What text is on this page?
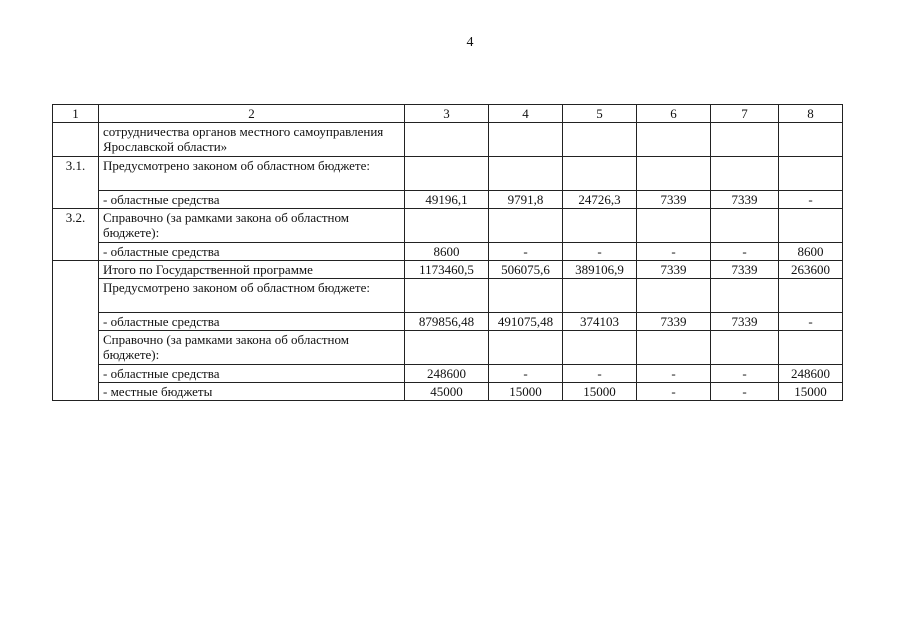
4
1	2	3	4	5	6	7	8
	сотрудничества органов местного самоуправления Ярославской области»						
3.1.	Предусмотрено законом об областном бюджете:						
	- областные средства	49196,1	9791,8	24726,3	7339	7339	-
3.2.	Справочно (за рамками закона об областном бюджете):						
	- областные средства	8600	-	-	-	-	8600
	Итого по Государственной программе	1173460,5	506075,6	389106,9	7339	7339	263600
	Предусмотрено законом об областном бюджете:						
	- областные средства	879856,48	491075,48	374103	7339	7339	-
	Справочно (за рамками закона об областном бюджете):						
	- областные средства	248600	-	-	-	-	248600
	- местные бюджеты	45000	15000	15000	-	-	15000
